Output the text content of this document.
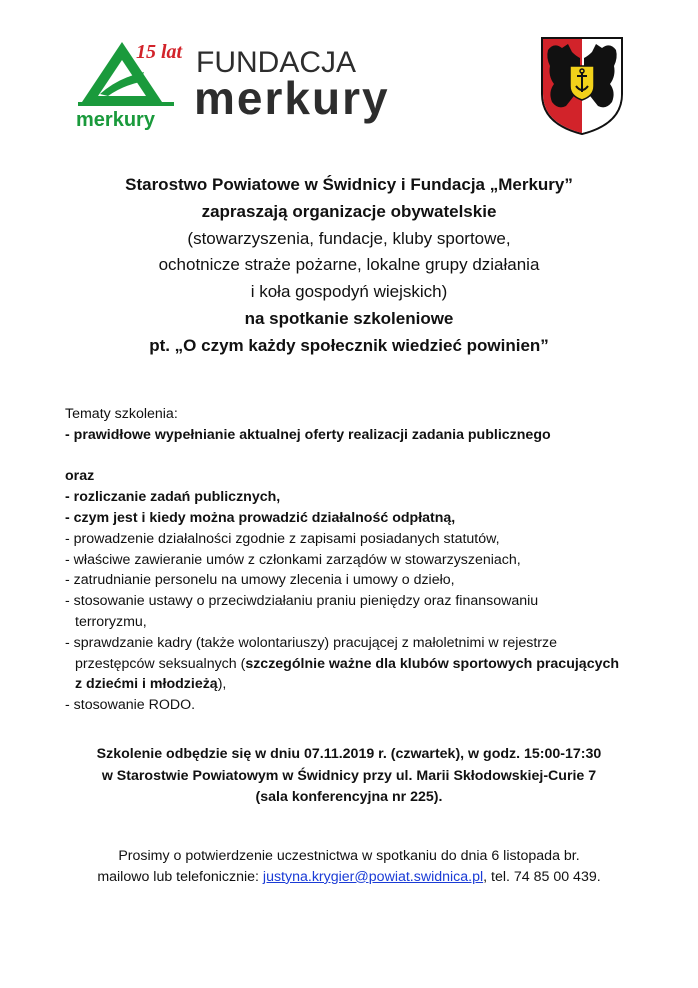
15 lat
merkury
FUNDACJA
merkury
Starostwo Powiatowe w Świdnicy i Fundacja „Merkury”
zapraszają organizacje obywatelskie
(stowarzyszenia, fundacje, kluby sportowe,
ochotnicze straże pożarne, lokalne grupy działania
i koła gospodyń wiejskich)
na spotkanie szkoleniowe
pt. „O czym każdy społecznik wiedzieć powinien”
Tematy szkolenia:
- prawidłowe wypełnianie aktualnej oferty realizacji zadania publicznego
oraz
- rozliczanie zadań publicznych,
- czym jest i kiedy można prowadzić działalność odpłatną,
- prowadzenie działalności zgodnie z zapisami posiadanych statutów,
- właściwe zawieranie umów z członkami zarządów w stowarzyszeniach,
- zatrudnianie personelu na umowy zlecenia i umowy o dzieło,
- stosowanie ustawy o przeciwdziałaniu praniu pieniędzy oraz finansowaniu
terroryzmu,
- sprawdzanie kadry (także wolontariuszy) pracującej z małoletnimi w rejestrze
przestępców seksualnych (szczególnie ważne dla klubów sportowych pracujących
z dziećmi i młodzieżą),
- stosowanie RODO.
Szkolenie odbędzie się w dniu 07.11.2019 r. (czwartek), w godz. 15:00-17:30
w Starostwie Powiatowym w Świdnicy przy ul. Marii Skłodowskiej-Curie 7
(sala konferencyjna nr 225).
Prosimy o potwierdzenie uczestnictwa w spotkaniu do dnia 6 listopada br.
mailowo lub telefonicznie: justyna.krygier@powiat.swidnica.pl, tel. 74 85 00 439.
